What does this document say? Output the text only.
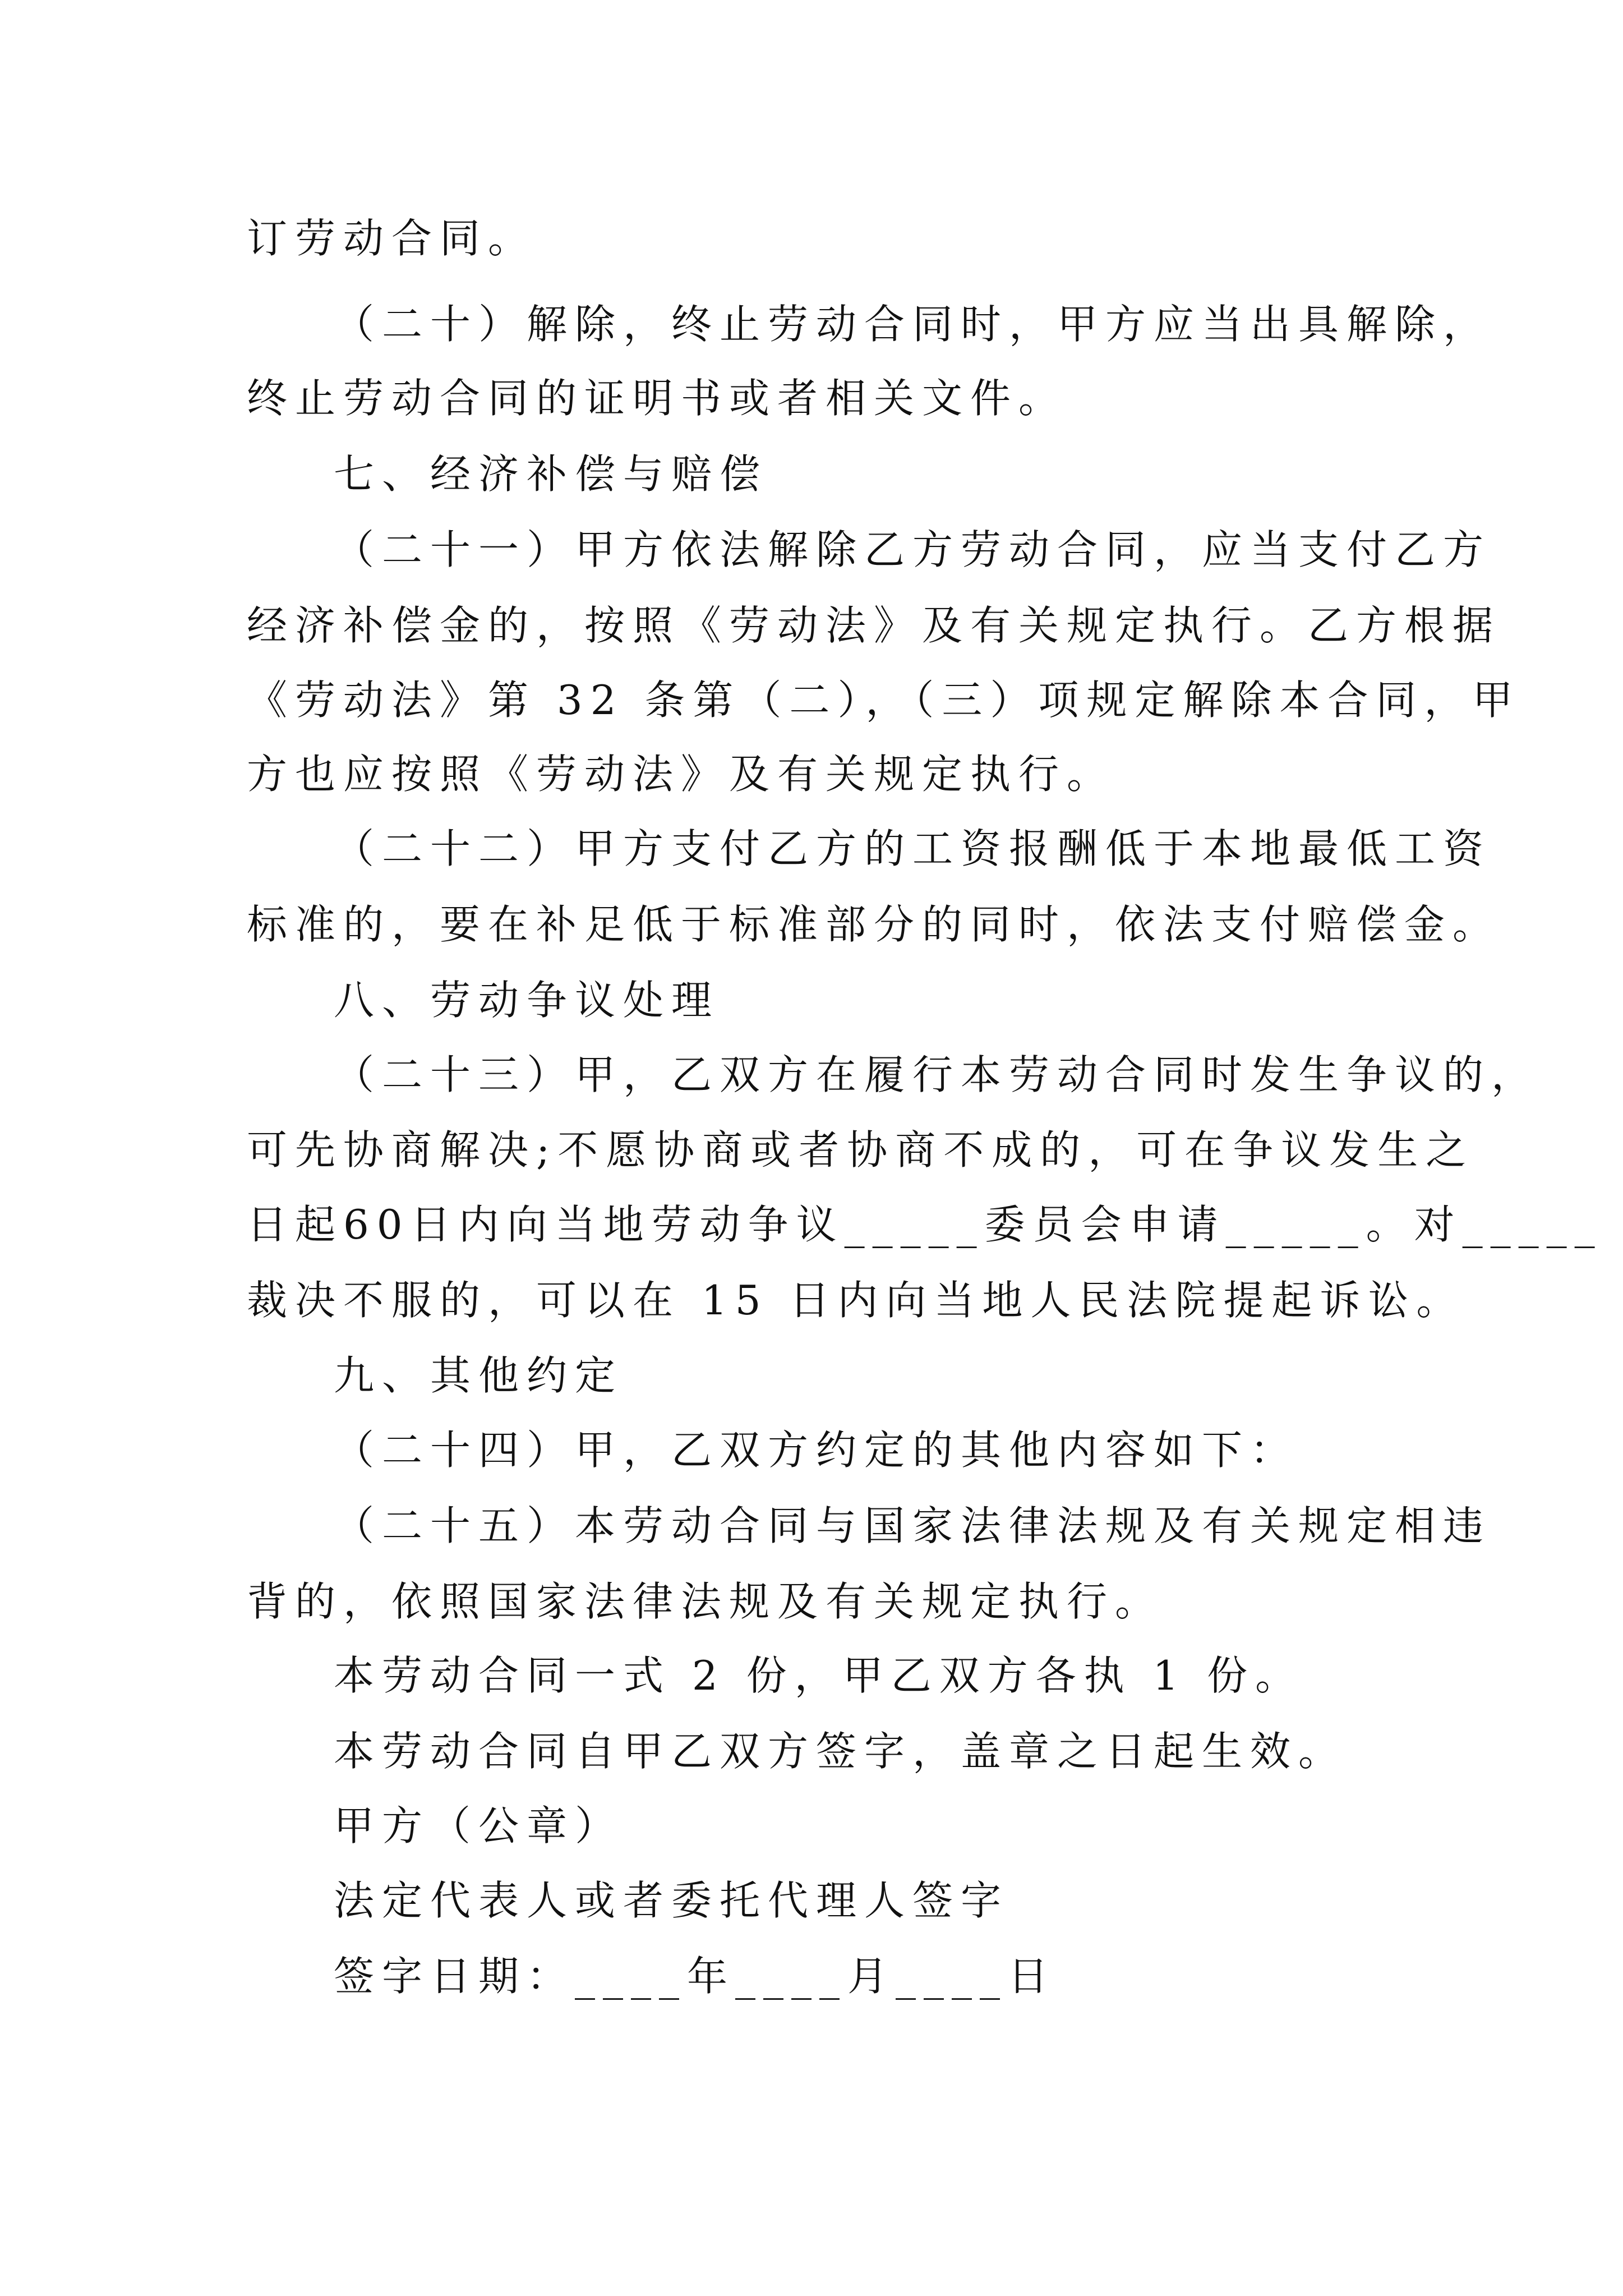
订劳动合同。
（二十）解除，终止劳动合同时，甲方应当出具解除，
终止劳动合同的证明书或者相关文件。
七、经济补偿与赔偿
（二十一）甲方依法解除乙方劳动合同，应当支付乙方
经济补偿金的，按照《劳动法》及有关规定执行。乙方根据
《劳动法》第 32 条第（二），（三）项规定解除本合同，甲
方也应按照《劳动法》及有关规定执行。
（二十二）甲方支付乙方的工资报酬低于本地最低工资
标准的，要在补足低于标准部分的同时，依法支付赔偿金。
八、劳动争议处理
（二十三）甲，乙双方在履行本劳动合同时发生争议的，
可先协商解决;不愿协商或者协商不成的，可在争议发生之
日起60日内向当地劳动争议_____委员会申请_____。对_____
裁决不服的，可以在 15 日内向当地人民法院提起诉讼。
九、其他约定
（二十四）甲，乙双方约定的其他内容如下：
（二十五）本劳动合同与国家法律法规及有关规定相违
背的，依照国家法律法规及有关规定执行。
本劳动合同一式 2 份，甲乙双方各执 1 份。
本劳动合同自甲乙双方签字，盖章之日起生效。
甲方（公章）
法定代表人或者委托代理人签字
签字日期：____年____月____日
